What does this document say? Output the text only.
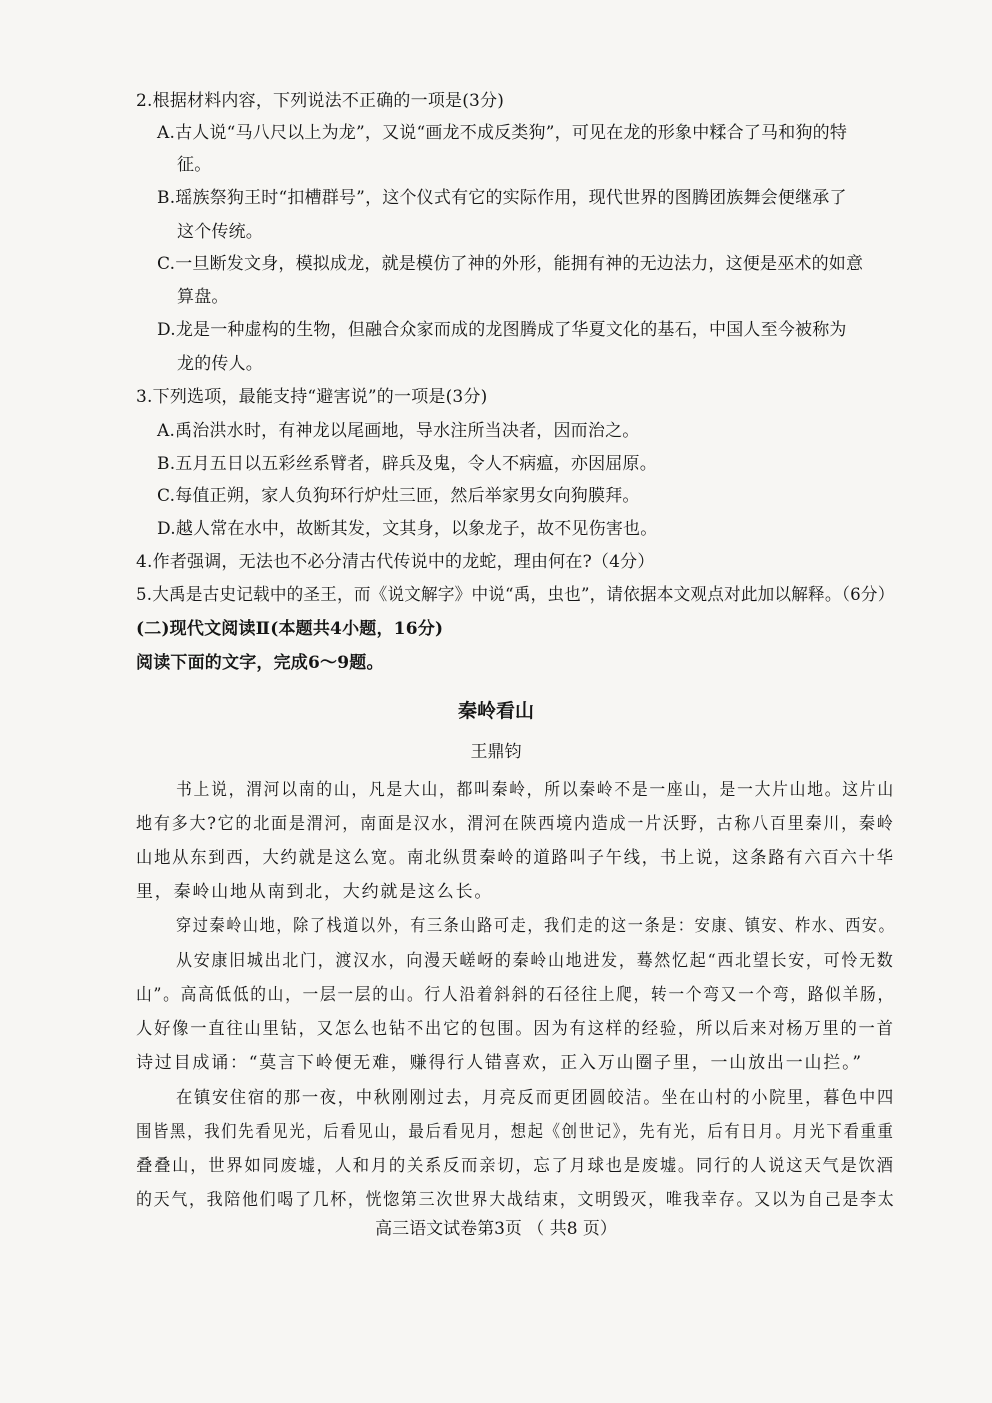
2.根据材料内容，下列说法不正确的一项是(3分)
A.古人说“马八尺以上为龙”，又说“画龙不成反类狗”，可见在龙的形象中糅合了马和狗的特
征。
B.瑶族祭狗王时“扣槽群号”，这个仪式有它的实际作用，现代世界的图腾团族舞会便继承了
这个传统。
C.一旦断发文身，模拟成龙，就是模仿了神的外形，能拥有神的无边法力，这便是巫术的如意
算盘。
D.龙是一种虚构的生物，但融合众家而成的龙图腾成了华夏文化的基石，中国人至今被称为
龙的传人。
3.下列选项，最能支持“避害说”的一项是(3分)
A.禹治洪水时，有神龙以尾画地，导水注所当决者，因而治之。
B.五月五日以五彩丝系臂者，辟兵及鬼，令人不病瘟，亦因屈原。
C.每值正朔，家人负狗环行炉灶三匝，然后举家男女向狗膜拜。
D.越人常在水中，故断其发，文其身，以象龙子，故不见伤害也。
4.作者强调，无法也不必分清古代传说中的龙蛇，理由何在?（4分）
5.大禹是古史记载中的圣王，而《说文解字》中说“禹，虫也”，请依据本文观点对此加以解释。（6分）
(二)现代文阅读Ⅱ(本题共4小题，16分)
阅读下面的文字，完成6～9题。
秦岭看山
王鼎钧
书上说，渭河以南的山，凡是大山，都叫秦岭，所以秦岭不是一座山，是一大片山地。这片山
地有多大?它的北面是渭河，南面是汉水，渭河在陕西境内造成一片沃野，古称八百里秦川，秦岭
山地从东到西，大约就是这么宽。南北纵贯秦岭的道路叫子午线，书上说，这条路有六百六十华
里，秦岭山地从南到北，大约就是这么长。
穿过秦岭山地，除了栈道以外，有三条山路可走，我们走的这一条是：安康、镇安、柞水、西安。
从安康旧城出北门，渡汉水，向漫天嵯岈的秦岭山地进发，蓦然忆起“西北望长安，可怜无数
山”。高高低低的山，一层一层的山。行人沿着斜斜的石径往上爬，转一个弯又一个弯，路似羊肠，
人好像一直往山里钻，又怎么也钻不出它的包围。因为有这样的经验，所以后来对杨万里的一首
诗过目成诵：“莫言下岭便无难，赚得行人错喜欢，正入万山圈子里，一山放出一山拦。”
在镇安住宿的那一夜，中秋刚刚过去，月亮反而更团圆皎洁。坐在山村的小院里，暮色中四
围皆黑，我们先看见光，后看见山，最后看见月，想起《创世记》，先有光，后有日月。月光下看重重
叠叠山，世界如同废墟，人和月的关系反而亲切，忘了月球也是废墟。同行的人说这天气是饮酒
的天气，我陪他们喝了几杯，恍惚第三次世界大战结束，文明毁灭，唯我幸存。又以为自己是李太
高三语文试卷第3页 （ 共8 页）
